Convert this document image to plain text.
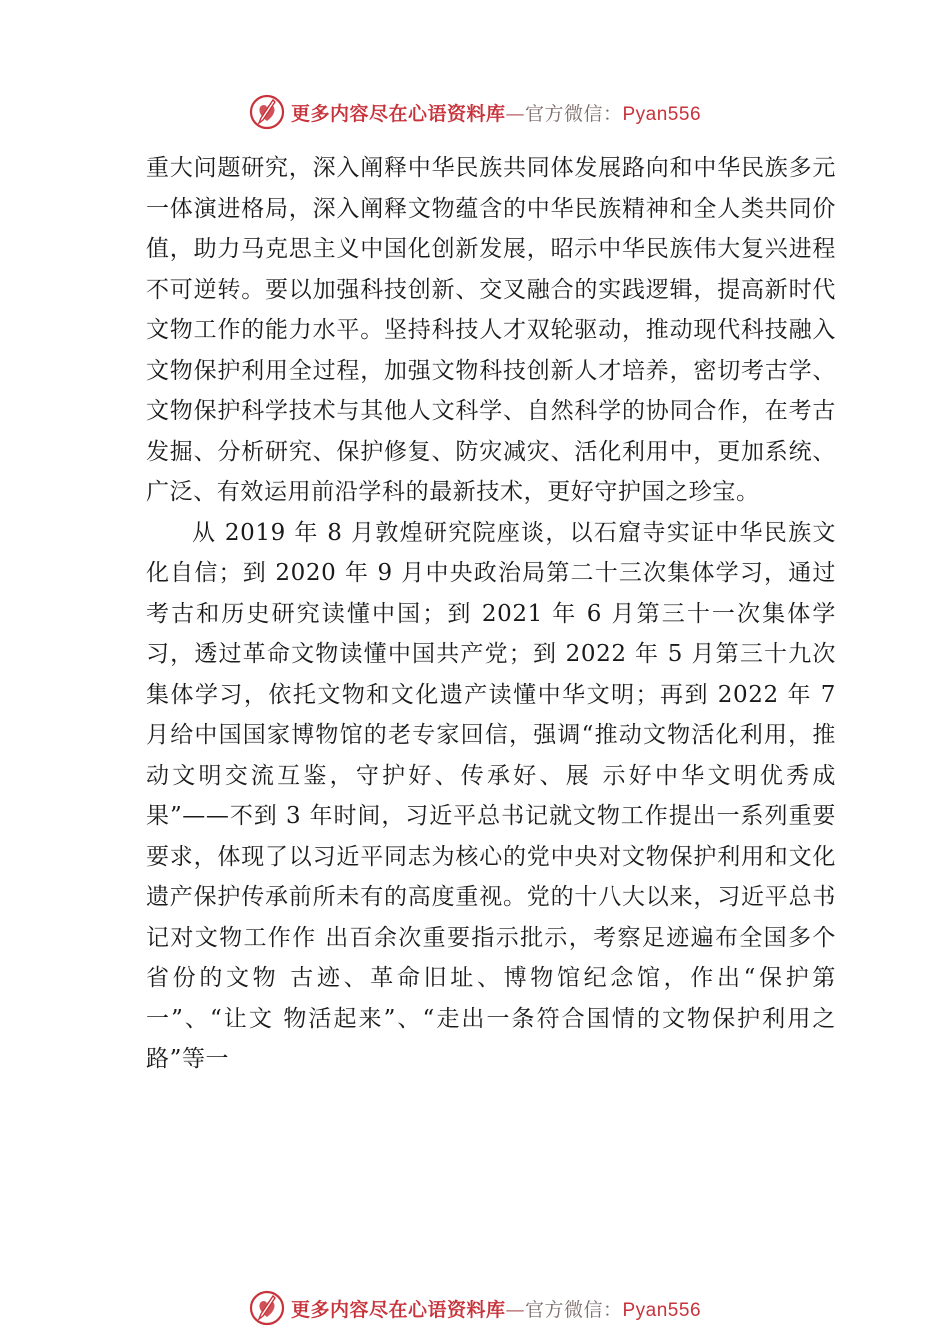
更多内容尽在心语资料库—官方微信：Pyan556

重大问题研究，深入阐释中华民族共同体发展路向和中华民族多元一体演进格局，深入阐释文物蕴含的中华民族精神和全人类共同价值，助力马克思主义中国化创新发展，昭示中华民族伟大复兴进程不可逆转。要以加强科技创新、交叉融合的实践逻辑，提高新时代文物工作的能力水平。坚持科技人才双轮驱动，推动现代科技融入文物保护利用全过程，加强文物科技创新人才培养，密切考古学、文物保护科学技术与其他人文科学、自然科学的协同合作，在考古发掘、分析研究、保护修复、防灾减灾、活化利用中，更加系统、广泛、有效运用前沿学科的最新技术，更好守护国之珍宝。

从 2019 年 8 月敦煌研究院座谈，以石窟寺实证中华民族文化自信；到 2020 年 9 月中央政治局第二十三次集体学习，通过考古和历史研究读懂中国；到 2021 年 6 月第三十一次集体学习，透过革命文物读懂中国共产党；到 2022 年 5 月第三十九次集体学习，依托文物和文化遗产读懂中华文明；再到 2022 年 7 月给中国国家博物馆的老专家回信，强调“推动文物活化利用，推动文明交流互鉴，守护好、传承好、展 示好中华文明优秀成果”——不到 3 年时间，习近平总书记就文物工作提出一系列重要要求，体现了以习近平同志为核心的党中央对文物保护利用和文化遗产保护传承前所未有的高度重视。党的十八大以来，习近平总书记对文物工作作 出百余次重要指示批示，考察足迹遍布全国多个省份的文物 古迹、革命旧址、博物馆纪念馆，作出“保护第一”、“让文 物活起来”、“走出一条符合国情的文物保护利用之路”等一

更多内容尽在心语资料库—官方微信：Pyan556
